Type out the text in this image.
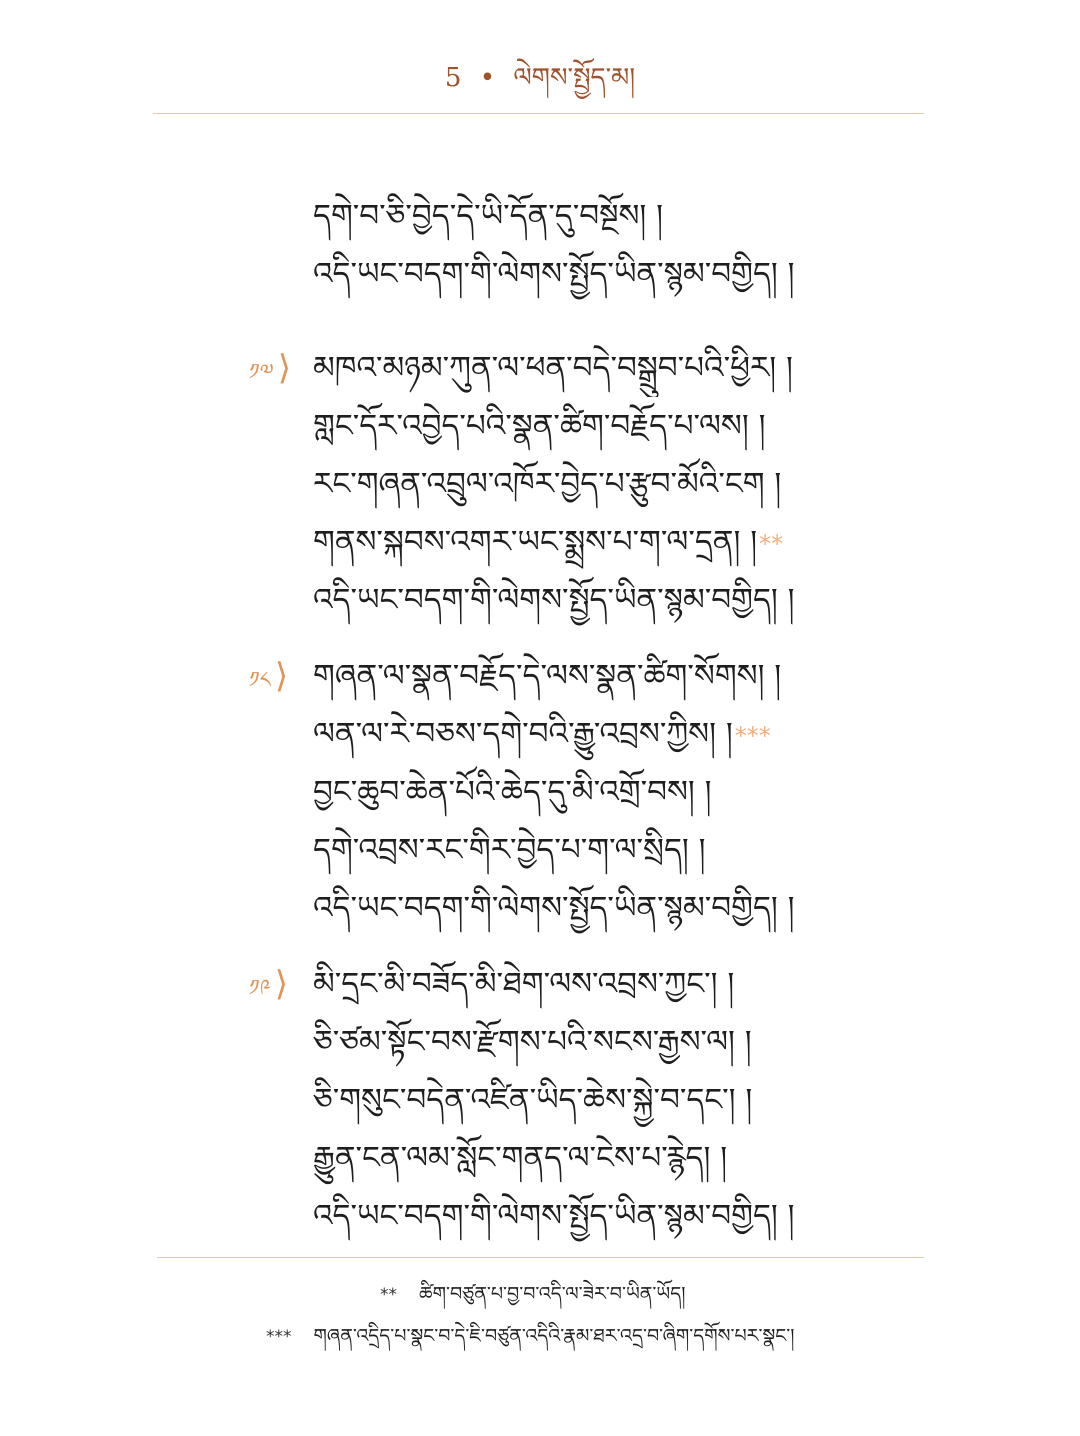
5 • ལེགས་སྤྱོད་མ།
དགེ་བ་ཅི་བྱེད་དེ་ཡི་དོན་དུ་བསྔོས། །
འདི་ཡང་བདག་གི་ལེགས་སྤྱོད་ཡིན་སྙམ་བགྱིད། །
༡༧ ⟩ མཁའ་མཉམ་ཀུན་ལ་ཕན་བདེ་བསྒྲུབ་པའི་ཕྱིར། །
གླང་དོར་འབྱེད་པའི་སྣན་ཚིག་བརྗོད་པ་ལས། །
རང་གཞན་འབྲུལ་འཁོར་བྱེད་པ་རྩུབ་མོའི་ངག །
གནས་སྐབས་འགར་ཡང་སྨྲས་པ་ག་ལ་དྲན། །**
འདི་ཡང་བདག་གི་ལེགས་སྤྱོད་ཡིན་སྙམ་བགྱིད། །
༡༨ ⟩ གཞན་ལ་སྣན་བརྗོད་དེ་ལས་སྣན་ཚིག་སོགས། །
ལན་ལ་རེ་བཅས་དགེ་བའི་རྒྱུ་འབྲས་ཀྱིས། །***
བྱང་ཆུབ་ཆེན་པོའི་ཆེད་དུ་མི་འགྲོ་བས། །
དགེ་འབྲས་རང་གིར་བྱེད་པ་ག་ལ་སྲིད། །
འདི་ཡང་བདག་གི་ལེགས་སྤྱོད་ཡིན་སྙམ་བགྱིད། །
༡༩ ⟩ མི་དྲང་མི་བཟོད་མི་ཐེག་ལས་འབྲས་ཀྱང་། །
ཅི་ཙམ་སྟོང་བས་རྫོགས་པའི་སངས་རྒྱས་ལ། །
ཅི་གསུང་བདེན་འཛིན་ཡིད་ཆེས་སྐྱེ་བ་དང་། །
རྒྱུན་ངན་ལམ་སློང་གནད་ལ་ངེས་པ་རྙེད། །
འདི་ཡང་བདག་གི་ལེགས་སྤྱོད་ཡིན་སྙམ་བགྱིད། །
** ཚིག་བཙུན་པ་བྱ་བ་འདི་ལ་ཟེར་བ་ཡིན་ཡོད།
*** གཞན་འདྲིད་པ་སྣང་བ་དེ་ཇི་བཙུན་འདིའི་རྣམ་ཐར་འདྲ་བ་ཞིག་དགོས་པར་སྣང་།
